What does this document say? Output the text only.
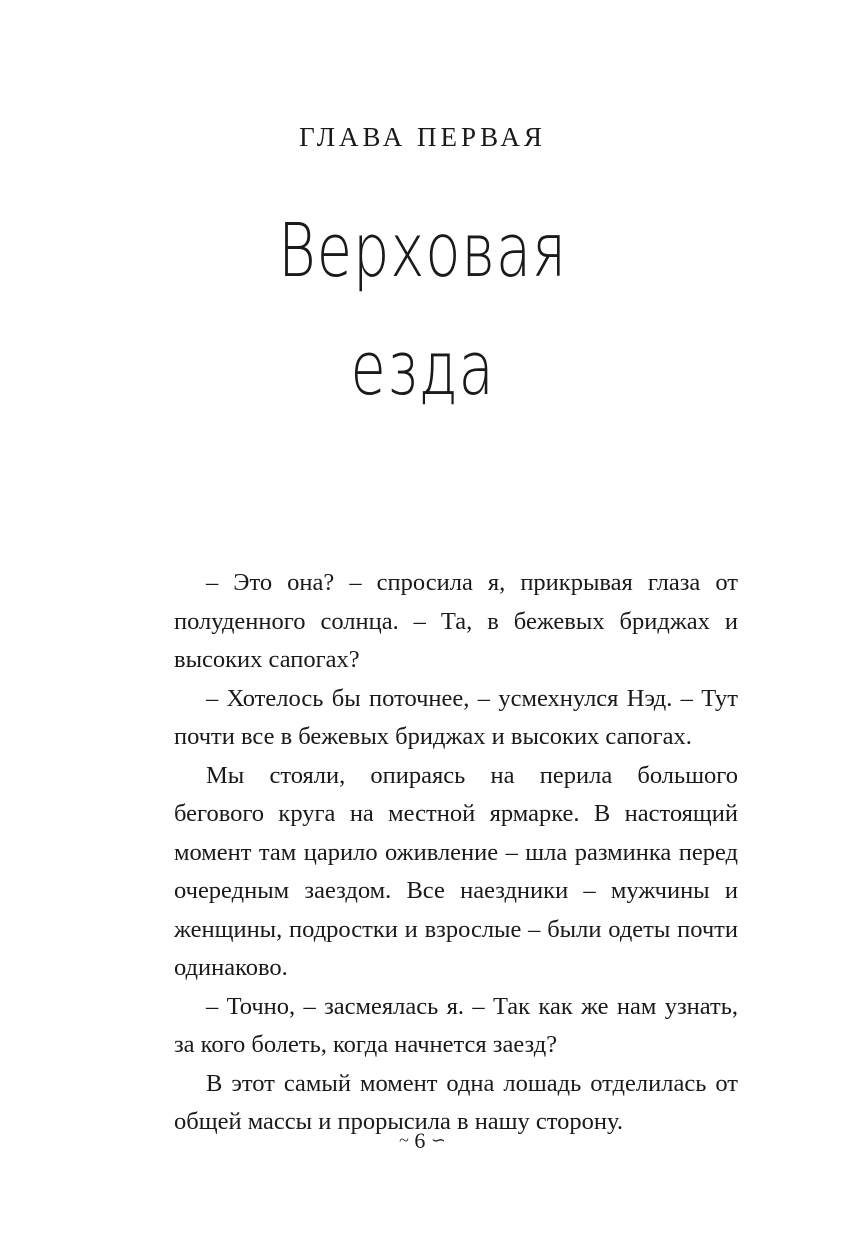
ГЛАВА ПЕРВАЯ
Верховая
езда

– Это она? – спросила я, прикрывая глаза от полуденного солнца. – Та, в бежевых бриджах и высоких сапогах?

– Хотелось бы поточнее, – усмехнулся Нэд. – Тут почти все в бежевых бриджах и высоких сапогах.

Мы стояли, опираясь на перила большого бегового круга на местной ярмарке. В настоящий момент там царило оживление – шла разминка перед очередным заездом. Все наездники – мужчины и женщины, подростки и взрослые – были одеты почти одинаково.

– Точно, – засмеялась я. – Так как же нам узнать, за кого болеть, когда начнется заезд?

В этот самый момент одна лошадь отделилась от общей массы и прорысила в нашу сторону.

~ 6 ∽
